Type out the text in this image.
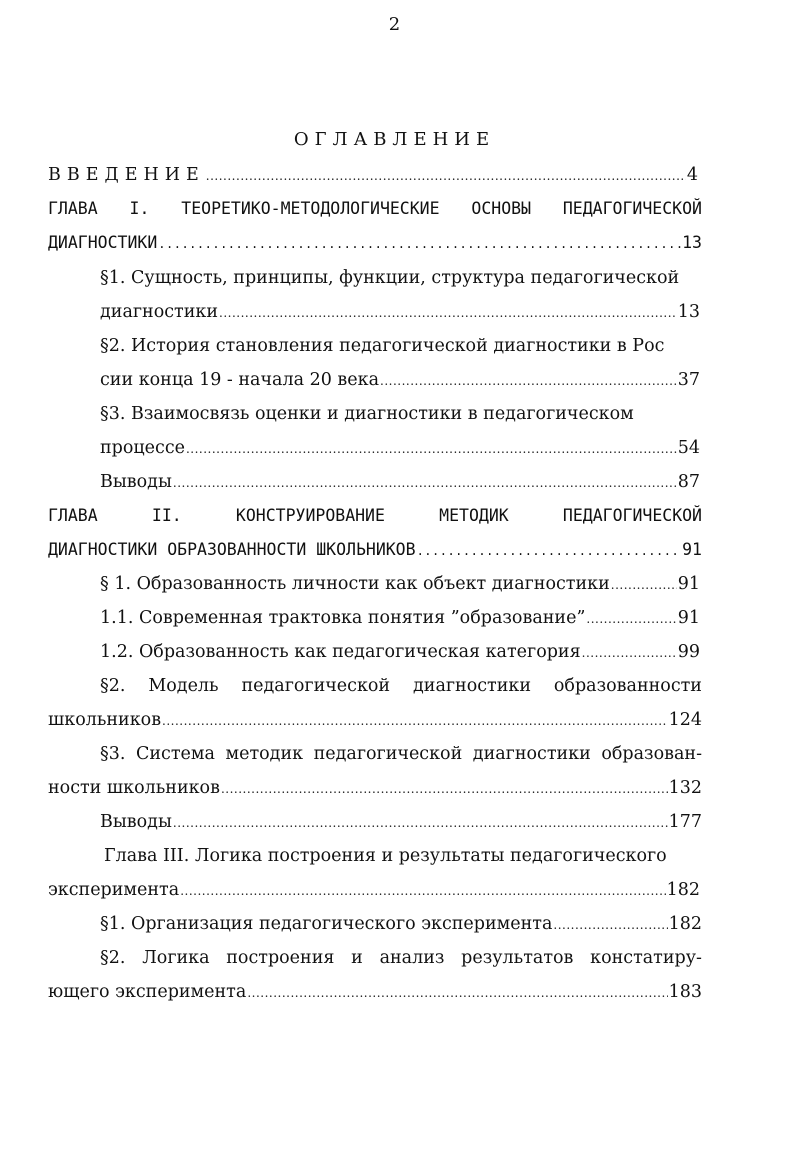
2
ОГЛАВЛЕНИЕ
ВВЕДЕНИЕ .....	4
ГЛАВА I. ТЕОРЕТИКО-МЕТОДОЛОГИЧЕСКИЕ ОСНОВЫ ПЕДАГОГИЧЕСКОЙ
ДИАГНОСТИКИ .....	13
§1. Сущность, принципы, функции, структура педагогической
диагностики .....	13
§2. История становления педагогической диагностики в Рос
сии конца 19 - начала 20 века .....	37
§3. Взаимосвязь оценки и диагностики в педагогическом
процессе .....	54
Выводы .....	87
ГЛАВА	II.	КОНСТРУИРОВАНИЕ	МЕТОДИК	ПЕДАГОГИЧЕСКОЙ
ДИАГНОСТИКИ ОБРАЗОВАННОСТИ ШКОЛЬНИКОВ .....	91
§ 1. Образованность личности как объект диагностики .....	91
1.1. Современная трактовка понятия ”образование” .....	91
1.2. Образованность как педагогическая категория .....	99
§2. Модель педагогической диагностики образованности
школьников .....	124
§3. Система методик педагогической диагностики образован-
ности школьников .....	132
Выводы .....	177
Глава III. Логика построения и результаты педагогического
эксперимента .....	182
§1. Организация педагогического эксперимента .....	182
§2. Логика построения и анализ результатов констатиру-
ющего эксперимента .....	183
